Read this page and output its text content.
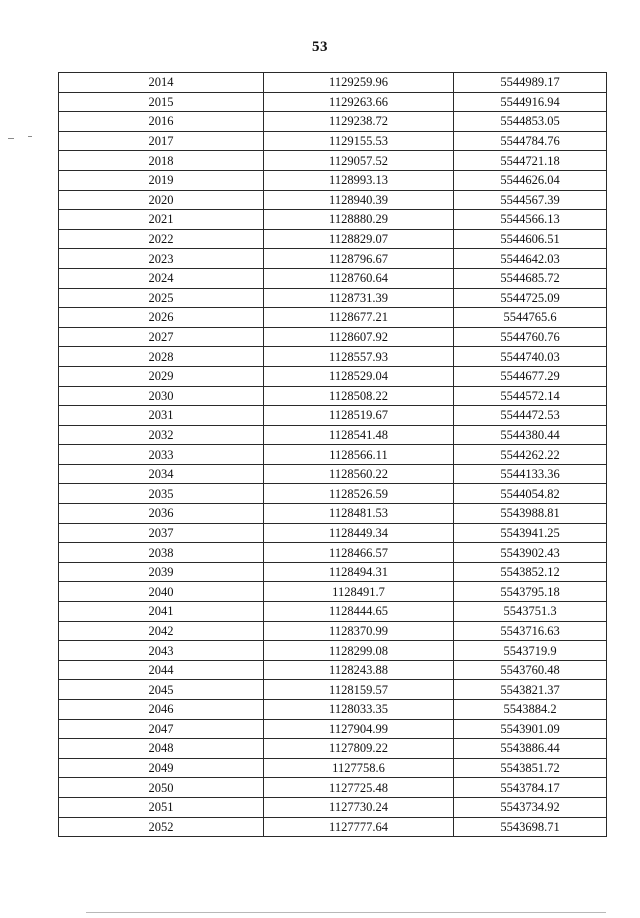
53
2014	1129259.96	5544989.17
2015	1129263.66	5544916.94
2016	1129238.72	5544853.05
2017	1129155.53	5544784.76
2018	1129057.52	5544721.18
2019	1128993.13	5544626.04
2020	1128940.39	5544567.39
2021	1128880.29	5544566.13
2022	1128829.07	5544606.51
2023	1128796.67	5544642.03
2024	1128760.64	5544685.72
2025	1128731.39	5544725.09
2026	1128677.21	5544765.6
2027	1128607.92	5544760.76
2028	1128557.93	5544740.03
2029	1128529.04	5544677.29
2030	1128508.22	5544572.14
2031	1128519.67	5544472.53
2032	1128541.48	5544380.44
2033	1128566.11	5544262.22
2034	1128560.22	5544133.36
2035	1128526.59	5544054.82
2036	1128481.53	5543988.81
2037	1128449.34	5543941.25
2038	1128466.57	5543902.43
2039	1128494.31	5543852.12
2040	1128491.7	5543795.18
2041	1128444.65	5543751.3
2042	1128370.99	5543716.63
2043	1128299.08	5543719.9
2044	1128243.88	5543760.48
2045	1128159.57	5543821.37
2046	1128033.35	5543884.2
2047	1127904.99	5543901.09
2048	1127809.22	5543886.44
2049	1127758.6	5543851.72
2050	1127725.48	5543784.17
2051	1127730.24	5543734.92
2052	1127777.64	5543698.71
